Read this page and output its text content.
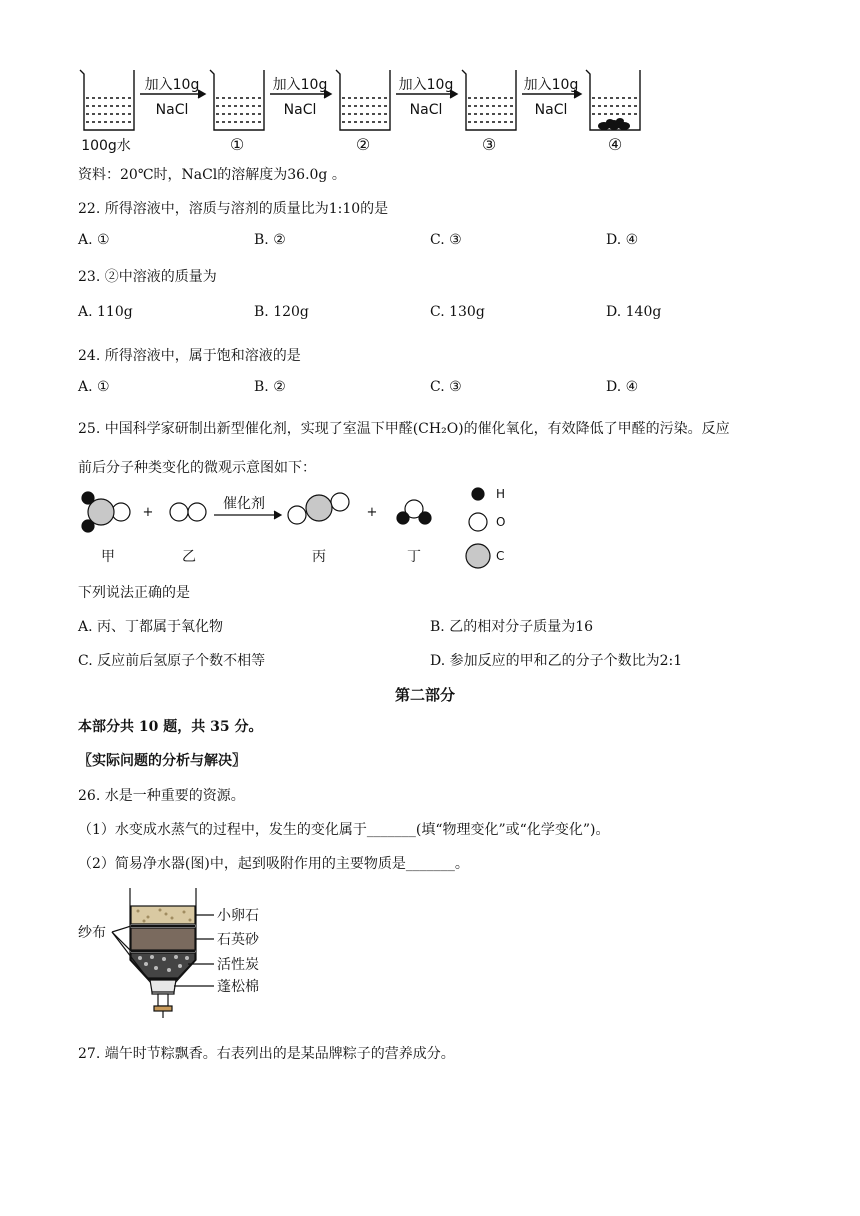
加入10g
NaCl
加入10g
NaCl
加入10g
NaCl
加入10g
NaCl
100g水	①	②	③	④
资料：20℃时，NaCl的溶解度为36.0g 。
22. 所得溶液中，溶质与溶剂的质量比为1:10的是
A. ①	B. ②	C. ③	D. ④
23. ②中溶液的质量为
A. 110g	B. 120g	C. 130g	D. 140g
24. 所得溶液中，属于饱和溶液的是
A. ①	B. ②	C. ③	D. ④
25. 中国科学家研制出新型催化剂，实现了室温下甲醛(CH₂O)的催化氧化，有效降低了甲醛的污染。反应
前后分子种类变化的微观示意图如下：
催化剂
+	+
甲	乙	丙	丁
H
O
C
下列说法正确的是
A. 丙、丁都属于氧化物	B. 乙的相对分子质量为16
C. 反应前后氢原子个数不相等	D. 参加反应的甲和乙的分子个数比为2:1
第二部分
本部分共 10 题，共 35 分。
〖实际问题的分析与解决〗
26. 水是一种重要的资源。
（1）水变成水蒸气的过程中，发生的变化属于_______(填“物理变化”或“化学变化”)。
（2）简易净水器(图)中，起到吸附作用的主要物质是_______。
纱布
小卵石
石英砂
活性炭
蓬松棉
27. 端午时节粽飘香。右表列出的是某品牌粽子的营养成分。
